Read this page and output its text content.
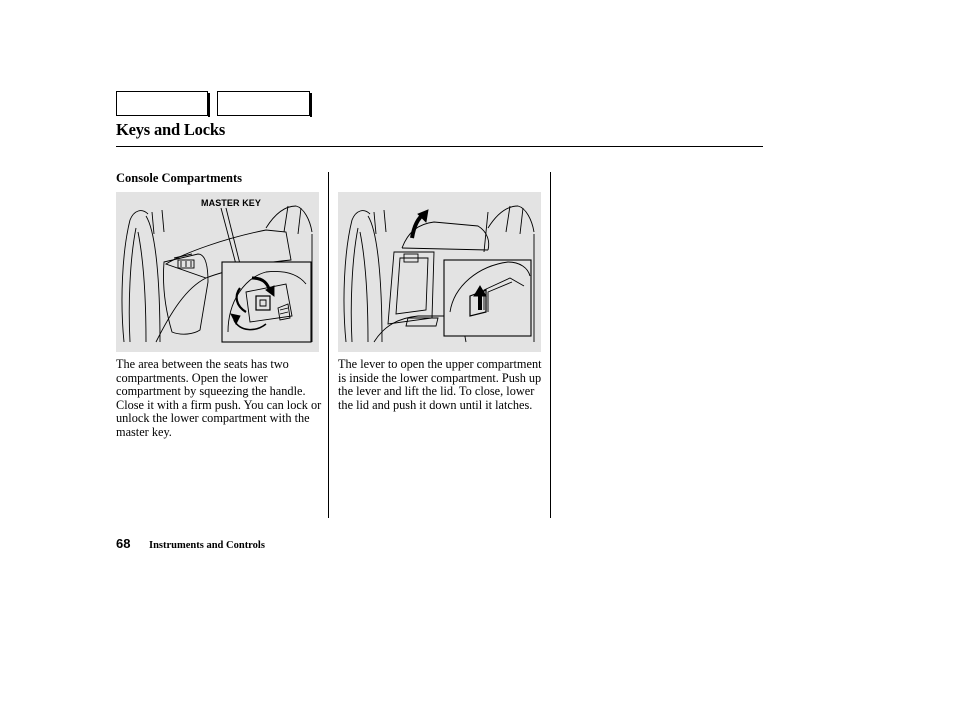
Keys and Locks
Console Compartments
MASTER KEY

The area between the seats has two compartments. Open the lower compartment by squeezing the handle. Close it with a firm push. You can lock or unlock the lower compartment with the master key.

The lever to open the upper compartment is inside the lower compartment. Push up the lever and lift the lid. To close, lower the lid and push it down until it latches.

68 Instruments and Controls
